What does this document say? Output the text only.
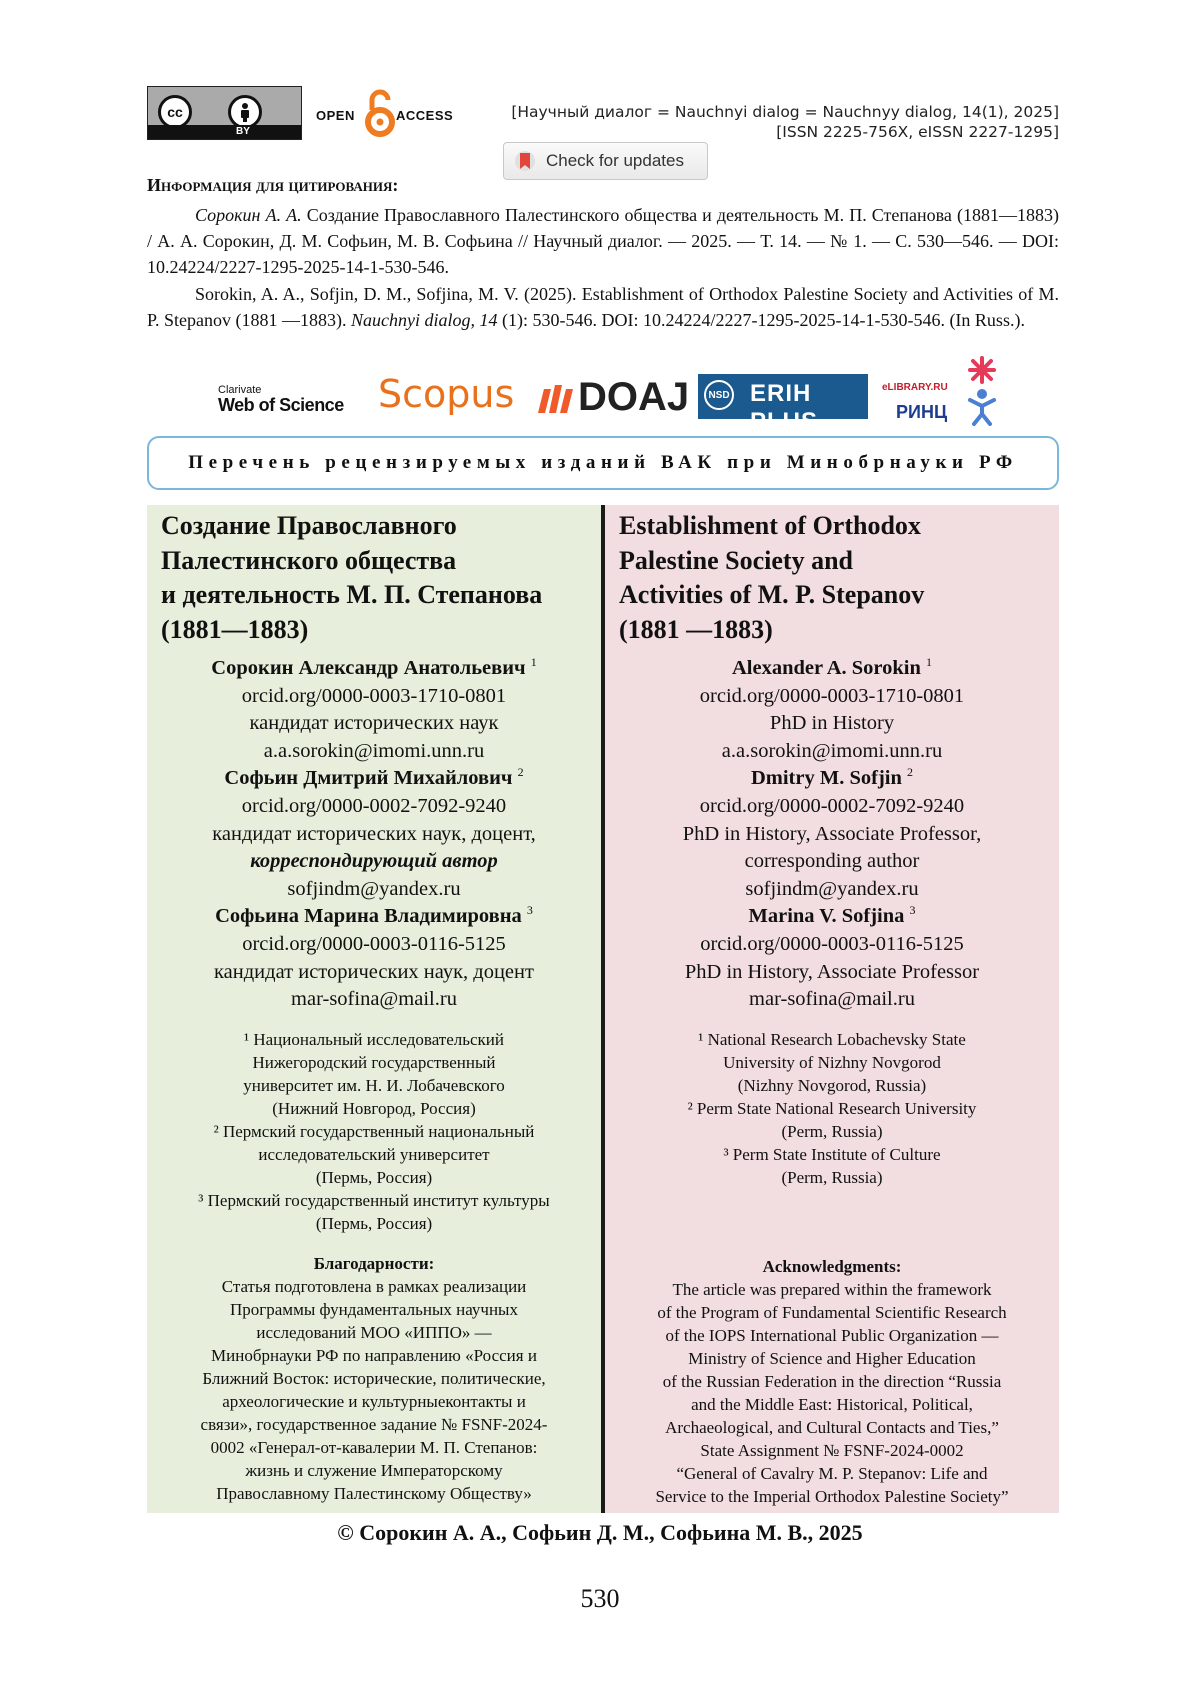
cc
BY
OPEN	ACCESS	[Научный диалог = Nauchnyi dialog = Nauchnyy dialog, 14(1), 2025]
[ISSN 2225-756X, eISSN 2227-1295]
Check for updates
Информация для цитирования:
Сорокин А. А. Создание Православного Палестинского общества и деятельность М. П. Степанова (1881—1883) / А. А. Сорокин, Д. М. Софьин, М. В. Софьина // Научный диалог. — 2025. — Т. 14. — № 1. — С. 530—546. — DOI: 10.24224/2227-1295-2025-14-1-530-546.
Sorokin, A. A., Sofjin, D. M., Sofjina, M. V. (2025). Establishment of Orthodox Palestine Society and Activities of M. P. Stepanov (1881 —1883). Nauchnyi dialog, 14 (1): 530-546. DOI: 10.24224/2227-1295-2025-14-1-530-546. (In Russ.).
Clarivate
Web of Science Scopus	DOAJ	NSD ERIH PLUS
eLIBRARY.RU
РИНЦ
Перечень рецензируемых изданий ВАК при Минобрнауки РФ
Создание Православного
Палестинского общества
и деятельность М. П. Степанова
(1881—1883)
Сорокин Александр Анатольевич $^1$
orcid.org/0000-0003-1710-0801
кандидат исторических наук
a.a.sorokin@imomi.unn.ru
Софьин Дмитрий Михайлович $^2$
orcid.org/0000-0002-7092-9240
кандидат исторических наук, доцент,
корреспондирующий автор
sofjindm@yandex.ru
Софьина Марина Владимировна $^3$
orcid.org/0000-0003-0116-5125
кандидат исторических наук, доцент
mar-sofina@mail.ru
¹ Национальный исследовательский
Нижегородский государственный
университет им. Н. И. Лобачевского
(Нижний Новгород, Россия)
² Пермский государственный национальный
исследовательский университет
(Пермь, Россия)
³ Пермский государственный институт культуры
(Пермь, Россия)
Благодарности:
Статья подготовлена в рамках реализации
Программы фундаментальных научных
исследований МОО «ИППО» —
Минобрнауки РФ по направлению «Россия и
Ближний Восток: исторические, политические,
археологические и культурныеконтакты и
связи», государственное задание № FSNF-2024-
0002 «Генерал-от-кавалерии М. П. Степанов:
жизнь и служение Императорскому
Православному Палестинскому Обществу»
Establishment of Orthodox
Palestine Society and
Activities of M. P. Stepanov
(1881 —1883)
Alexander A. Sorokin $^1$
orcid.org/0000-0003-1710-0801
PhD in History
a.a.sorokin@imomi.unn.ru
Dmitry M. Sofjin $^2$
orcid.org/0000-0002-7092-9240
PhD in History, Associate Professor,
corresponding author
sofjindm@yandex.ru
Marina V. Sofjina $^3$
orcid.org/0000-0003-0116-5125
PhD in History, Associate Professor
mar-sofina@mail.ru
¹ National Research Lobachevsky State
University of Nizhny Novgorod
(Nizhny Novgorod, Russia)
² Perm State National Research University
(Perm, Russia)
³ Perm State Institute of Culture
(Perm, Russia)
Acknowledgments:
The article was prepared within the framework
of the Program of Fundamental Scientific Research
of the IOPS International Public Organization —
Ministry of Science and Higher Education
of the Russian Federation in the direction “Russia
and the Middle East: Historical, Political,
Archaeological, and Cultural Contacts and Ties,”
State Assignment № FSNF-2024-0002
“General of Cavalry M. P. Stepanov: Life and
Service to the Imperial Orthodox Palestine Society”
© Сорокин А. А., Софьин Д. М., Софьина М. В., 2025
530
